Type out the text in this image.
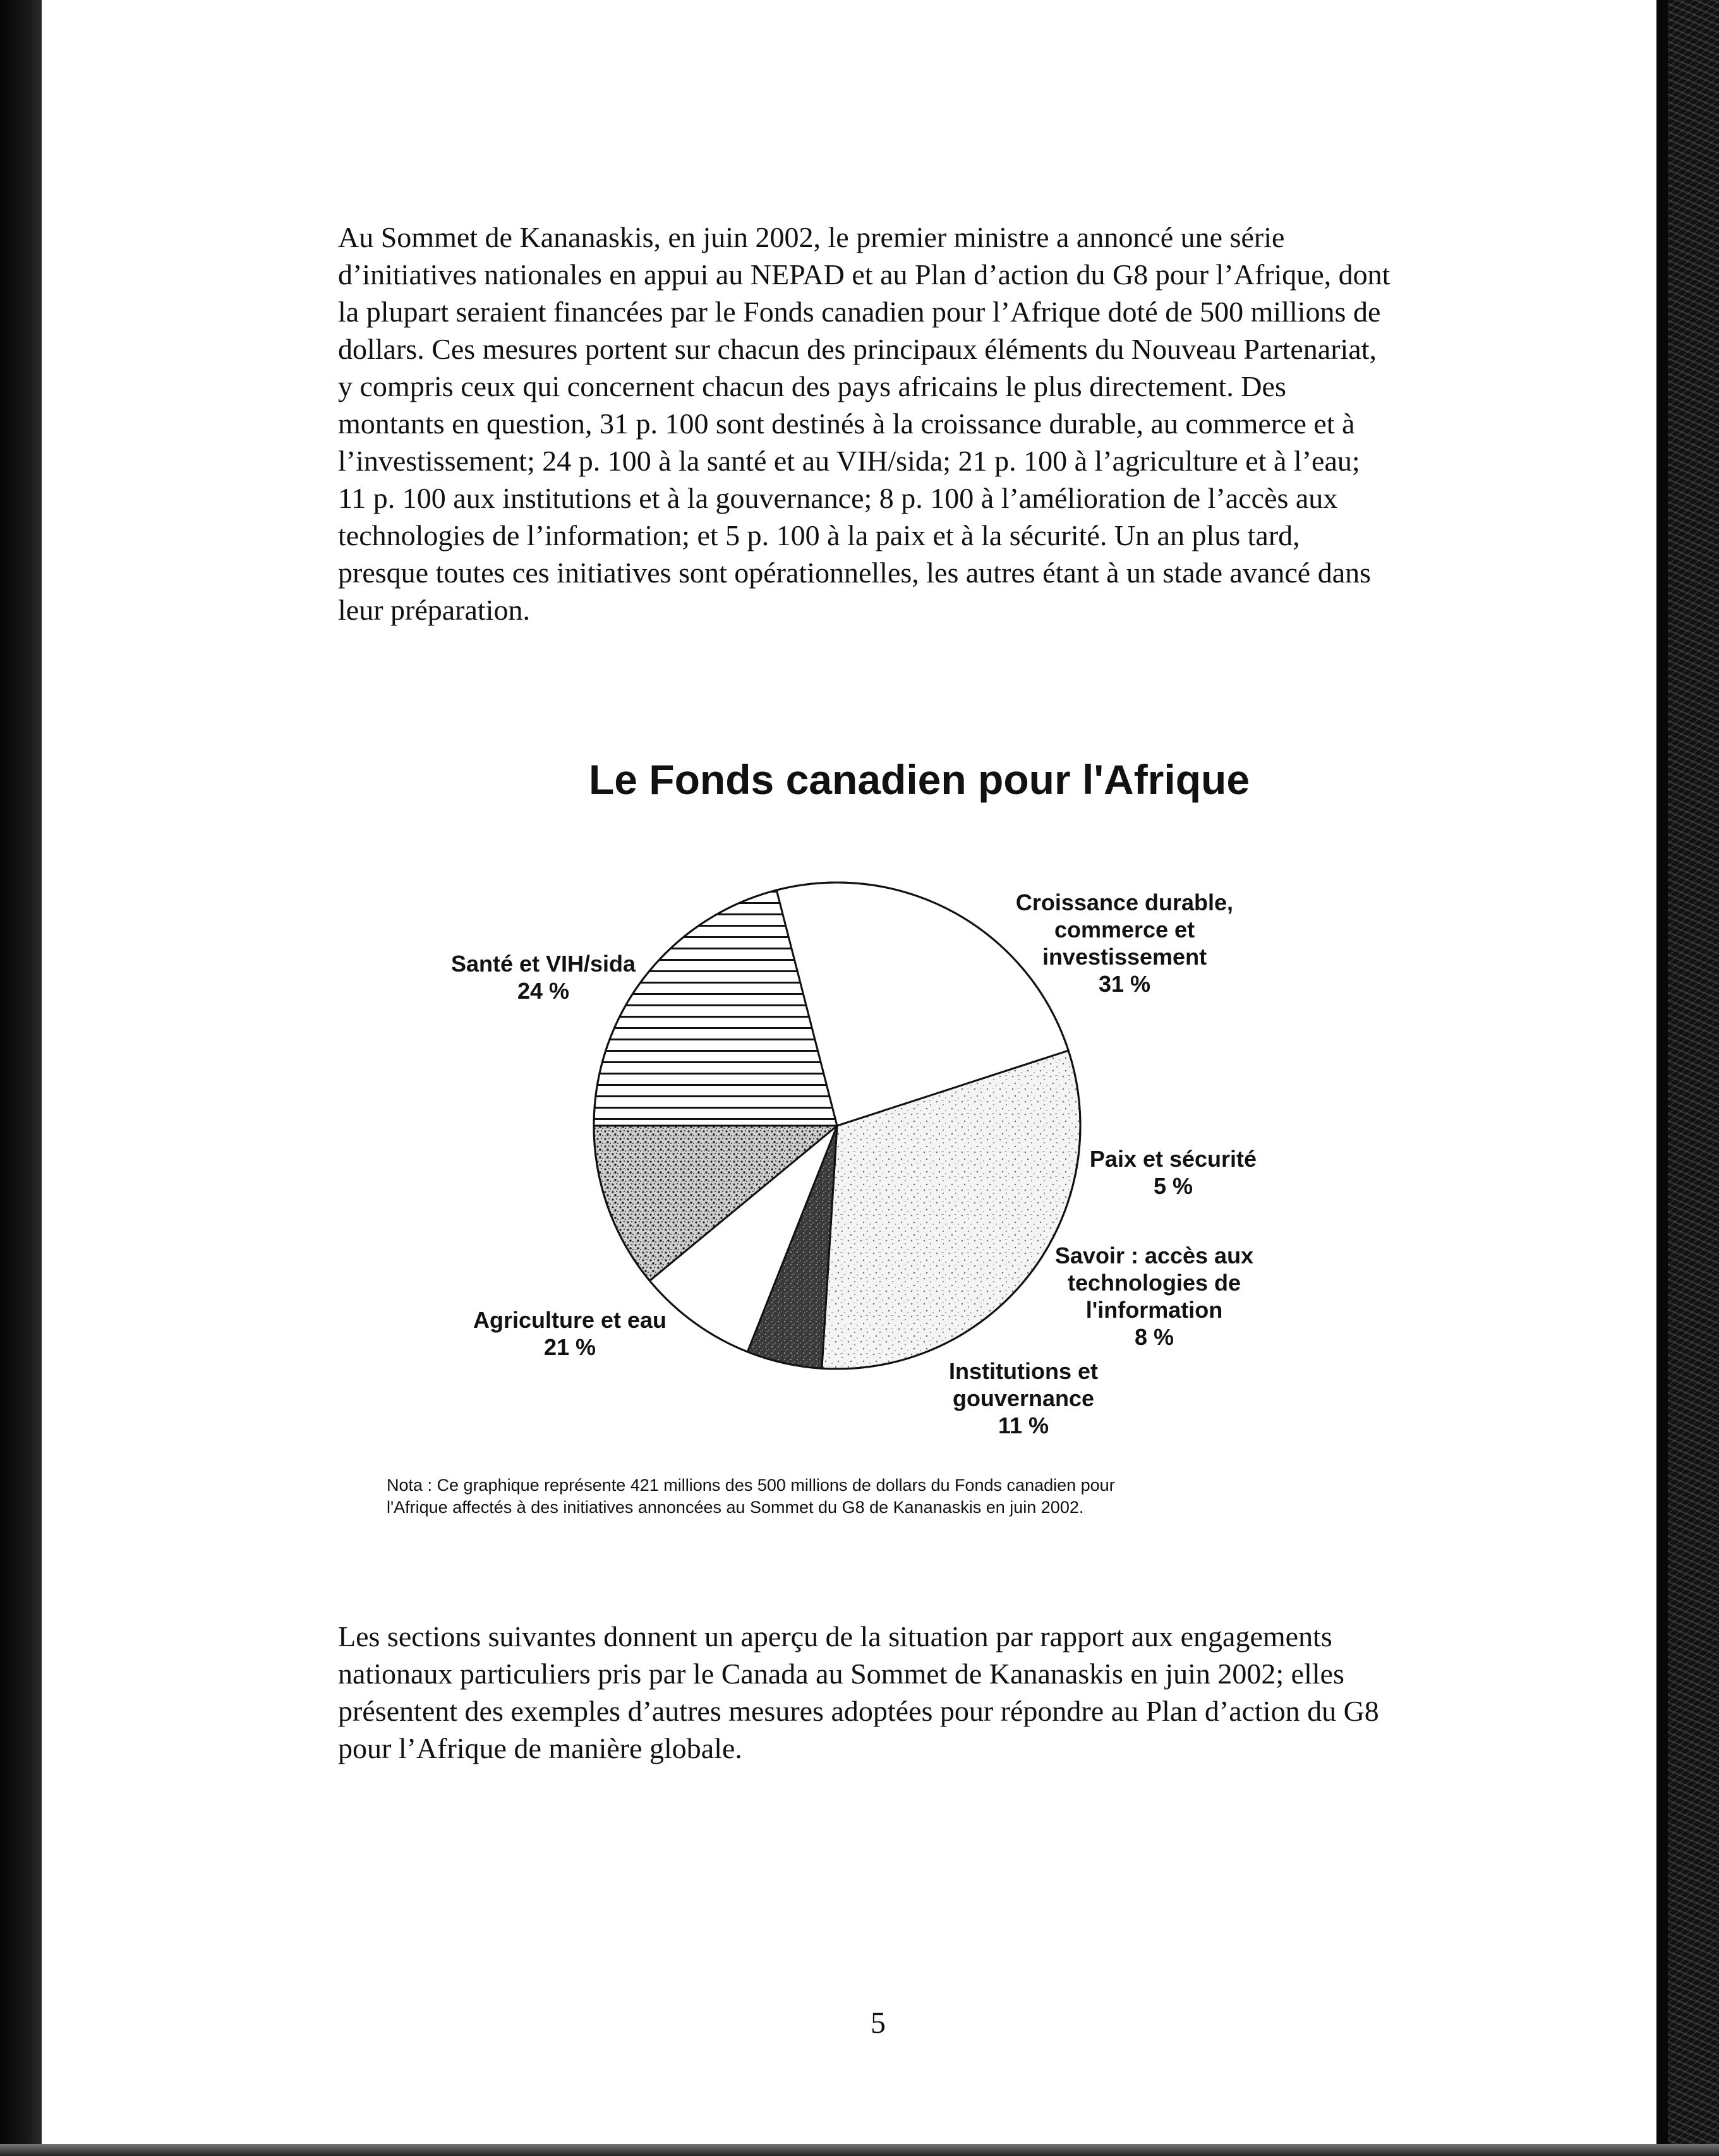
Au Sommet de Kananaskis, en juin 2002, le premier ministre a annoncé une série d’initiatives nationales en appui au NEPAD et au Plan d’action du G8 pour l’Afrique, dont la plupart seraient financées par le Fonds canadien pour l’Afrique doté de 500 millions de dollars. Ces mesures portent sur chacun des principaux éléments du Nouveau Partenariat, y compris ceux qui concernent chacun des pays africains le plus directement. Des montants en question, 31 p. 100 sont destinés à la croissance durable, au commerce et à l’investissement; 24 p. 100 à la santé et au VIH/sida; 21 p. 100 à l’agriculture et à l’eau; 11 p. 100 aux institutions et à la gouvernance; 8 p. 100 à l’amélioration de l’accès aux technologies de l’information; et 5 p. 100 à la paix et à la sécurité. Un an plus tard, presque toutes ces initiatives sont opérationnelles, les autres étant à un stade avancé dans leur préparation.

Le Fonds canadien pour l'Afrique
Croissance durable, commerce et investissement 31 %
Paix et sécurité 5 %
Savoir : accès aux technologies de l'information 8 %
Institutions et gouvernance 11 %
Agriculture et eau 21 %
Santé et VIH/sida 24 %

Nota : Ce graphique représente 421 millions des 500 millions de dollars du Fonds canadien pour
l'Afrique affectés à des initiatives annoncées au Sommet du G8 de Kananaskis en juin 2002.

Les sections suivantes donnent un aperçu de la situation par rapport aux engagements nationaux particuliers pris par le Canada au Sommet de Kananaskis en juin 2002; elles présentent des exemples d’autres mesures adoptées pour répondre au Plan d’action du G8 pour l’Afrique de manière globale.

5
